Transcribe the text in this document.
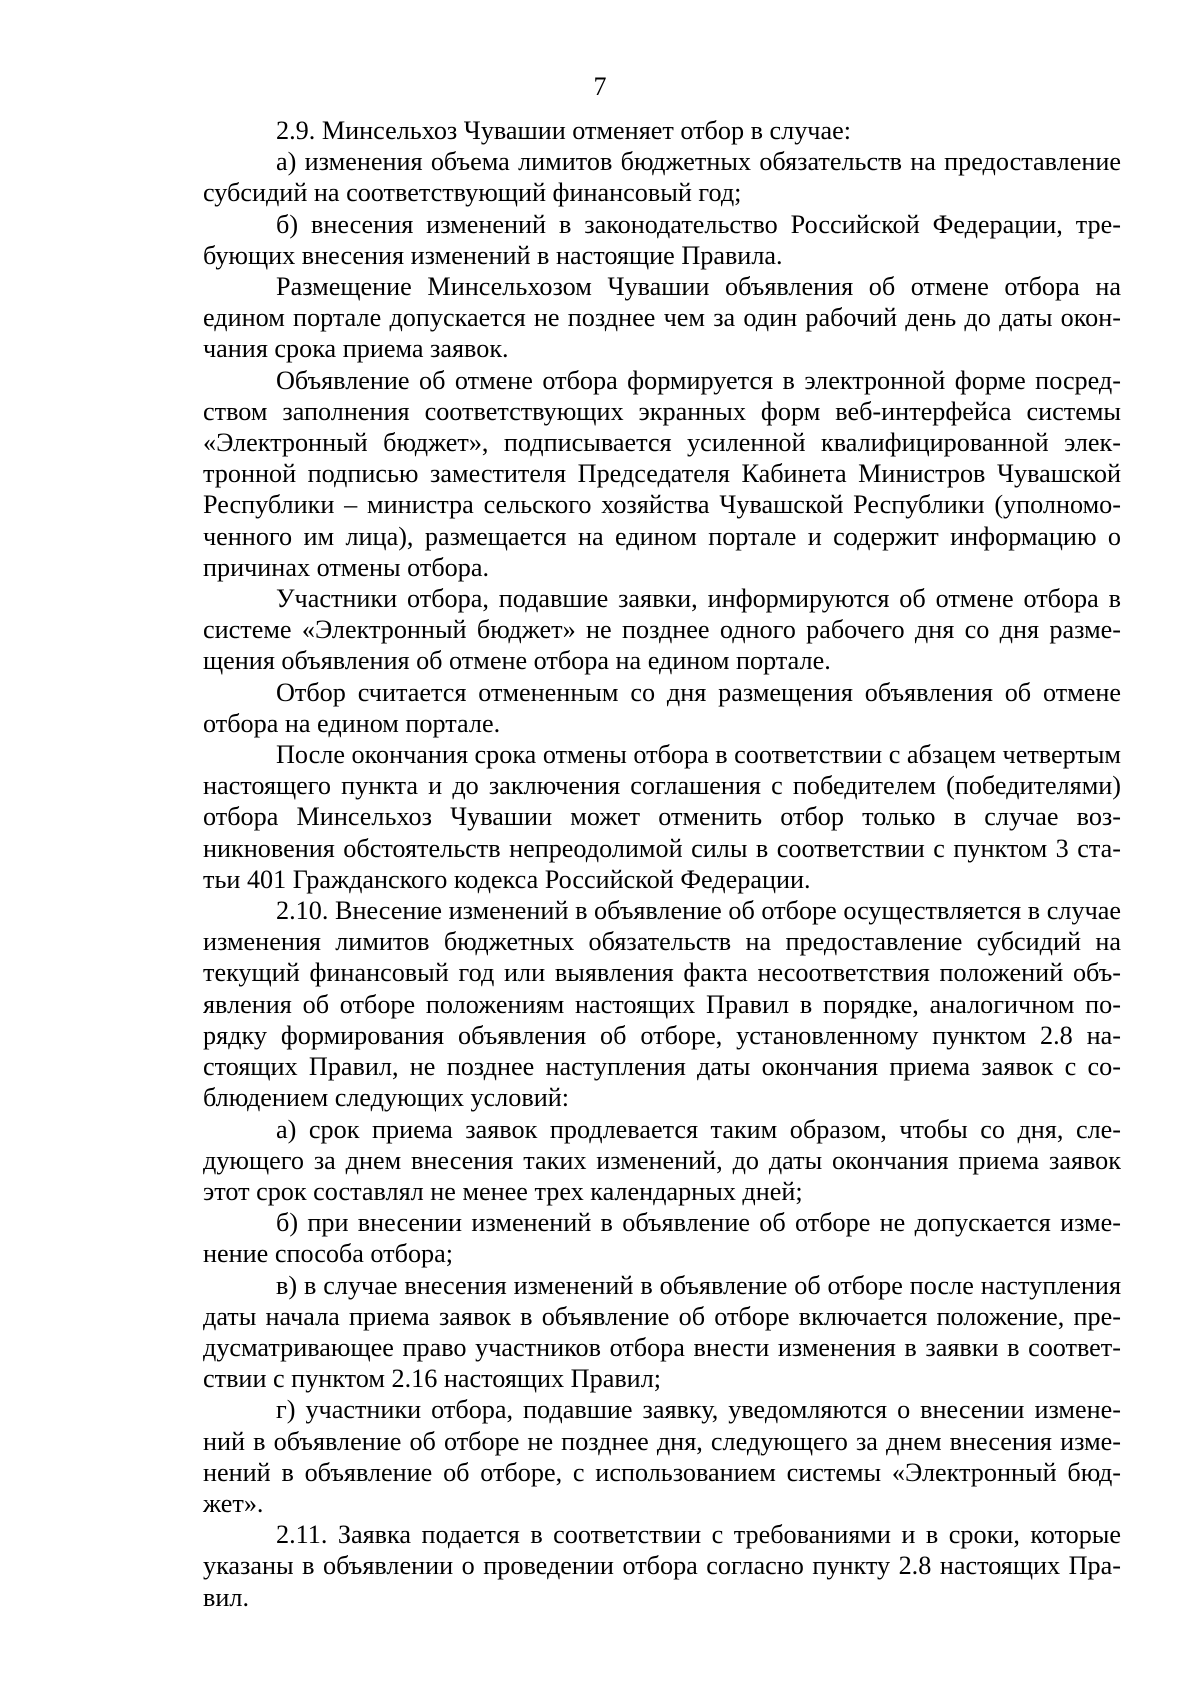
7

2.9. Минсельхоз Чувашии отменяет отбор в случае:

а) изменения объема лимитов бюджетных обязательств на предоставление субсидий на соответствующий финансовый год;

б) внесения изменений в законодательство Российской Федерации, требующих внесения изменений в настоящие Правила.

Размещение Минсельхозом Чувашии объявления об отмене отбора на едином портале допускается не позднее чем за один рабочий день до даты окончания срока приема заявок.

Объявление об отмене отбора формируется в электронной форме посредством заполнения соответствующих экранных форм веб-интерфейса системы «Электронный бюджет», подписывается усиленной квалифицированной электронной подписью заместителя Председателя Кабинета Министров Чувашской Республики – министра сельского хозяйства Чувашской Республики (уполномоченного им лица), размещается на едином портале и содержит информацию о причинах отмены отбора.

Участники отбора, подавшие заявки, информируются об отмене отбора в системе «Электронный бюджет» не позднее одного рабочего дня со дня размещения объявления об отмене отбора на едином портале.

Отбор считается отмененным со дня размещения объявления об отмене отбора на едином портале.

После окончания срока отмены отбора в соответствии с абзацем четвертым настоящего пункта и до заключения соглашения с победителем (победителями) отбора Минсельхоз Чувашии может отменить отбор только в случае возникновения обстоятельств непреодолимой силы в соответствии с пунктом 3 статьи 401 Гражданского кодекса Российской Федерации.

2.10. Внесение изменений в объявление об отборе осуществляется в случае изменения лимитов бюджетных обязательств на предоставление субсидий на текущий финансовый год или выявления факта несоответствия положений объявления об отборе положениям настоящих Правил в порядке, аналогичном порядку формирования объявления об отборе, установленному пунктом 2.8 настоящих Правил, не позднее наступления даты окончания приема заявок с соблюдением следующих условий:

а) срок приема заявок продлевается таким образом, чтобы со дня, следующего за днем внесения таких изменений, до даты окончания приема заявок этот срок составлял не менее трех календарных дней;

б) при внесении изменений в объявление об отборе не допускается изменение способа отбора;

в) в случае внесения изменений в объявление об отборе после наступления даты начала приема заявок в объявление об отборе включается положение, предусматривающее право участников отбора внести изменения в заявки в соответствии с пунктом 2.16 настоящих Правил;

г) участники отбора, подавшие заявку, уведомляются о внесении изменений в объявление об отборе не позднее дня, следующего за днем внесения изменений в объявление об отборе, с использованием системы «Электронный бюджет».

2.11. Заявка подается в соответствии с требованиями и в сроки, которые указаны в объявлении о проведении отбора согласно пункту 2.8 настоящих Правил.
